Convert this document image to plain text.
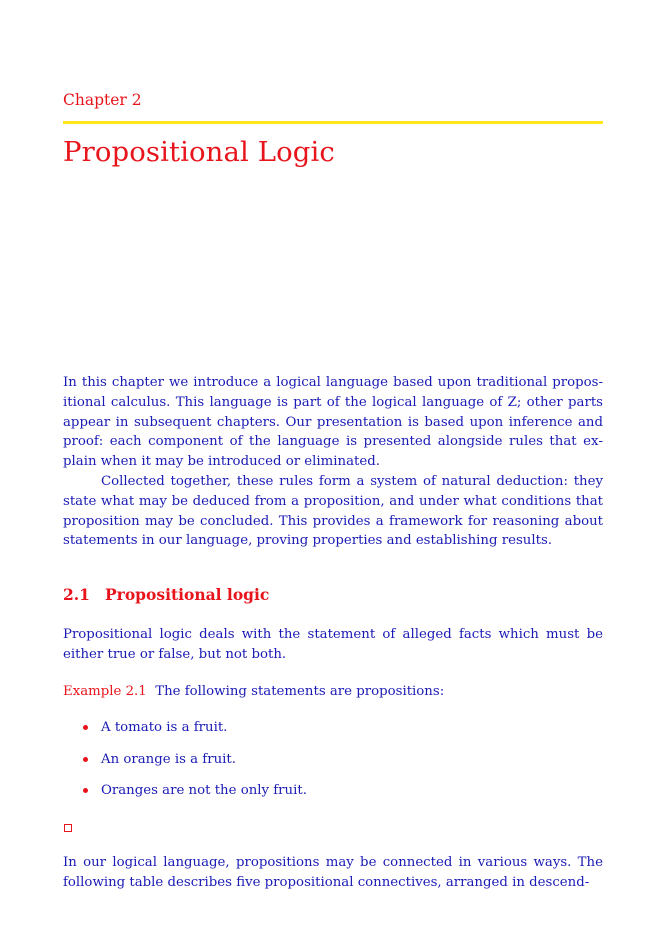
Chapter 2
Propositional Logic

In this chapter we introduce a logical language based upon traditional propositional calculus. This language is part of the logical language of Z; other parts appear in subsequent chapters. Our presentation is based upon inference and proof: each component of the language is presented alongside rules that explain when it may be introduced or eliminated.

Collected together, these rules form a system of natural deduction: they state what may be deduced from a proposition, and under what conditions that proposition may be concluded. This provides a framework for reasoning about statements in our language, proving properties and establishing results.

2.1 Propositional logic

Propositional logic deals with the statement of alleged facts which must be either true or false, but not both.

Example 2.1 The following statements are propositions:
A tomato is a fruit.
An orange is a fruit.
Oranges are not the only fruit.

In our logical language, propositions may be connected in various ways. The following table describes five propositional connectives, arranged in descend-
